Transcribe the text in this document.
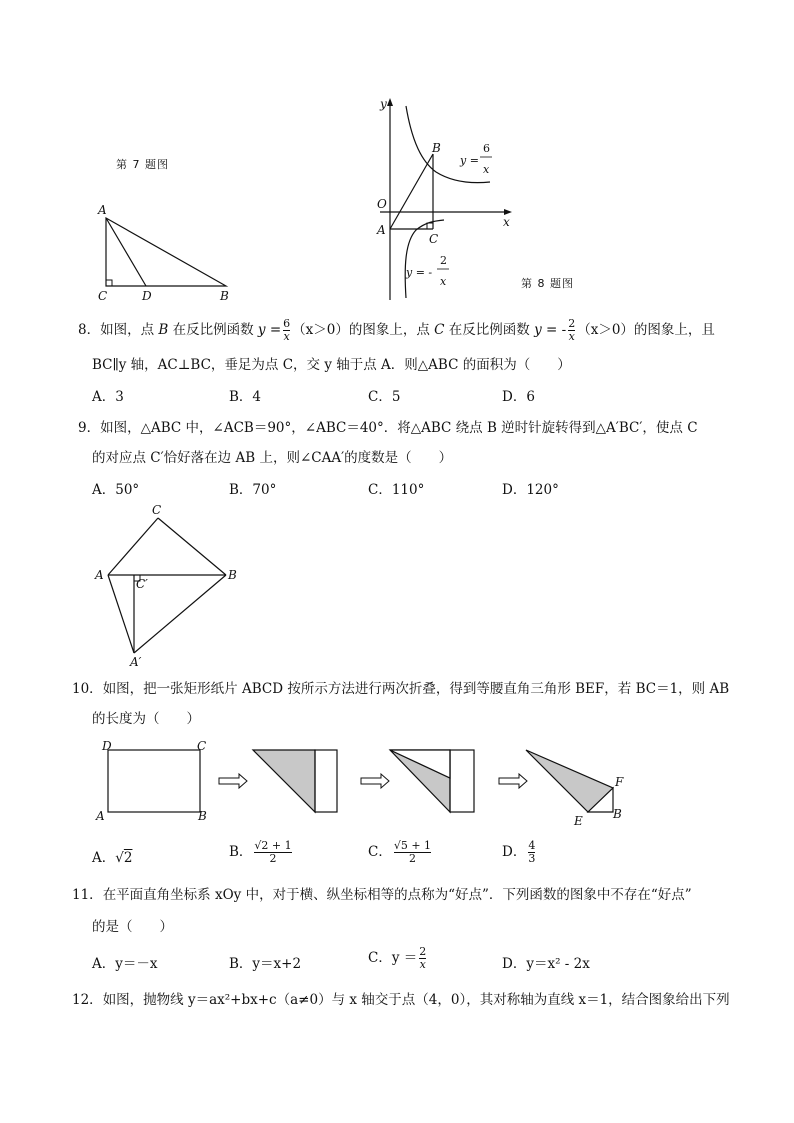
第 7 题图
A
C	D	B
y
x
O
A
B
C
y =
6
x
y = -
2
x	第 8 题图
8．如图，点 B 在反比例函数 $y = \frac{6}{x} (x>0)$的图象上，点 C 在反比例函数 y = - $\frac{2}{x} (x>0)$的图象上，且
BC∥y 轴，AC⊥BC，垂足为点 C，交 y 轴于点 A．则△ABC 的面积为（　　）
A．3	B．4	C．5	D．6
9．如图，△ABC 中，∠ACB＝90°，∠ABC＝40°．将△ABC 绕点 B 逆时针旋转得到△A′BC′，使点 C
的对应点 C′恰好落在边 AB 上，则∠CAA′的度数是（　　）
A．50°	B．70°	C．110°	D．120°
C
A	B
C′
A′
10．如图，把一张矩形纸片 ABCD 按所示方法进行两次折叠，得到等腰直角三角形 BEF，若 BC＝1，则 AB
的长度为（　　）
D	C
A	B
F
E	B
A．√2	B． $\frac{√2 + 1}{2}$	C． $\frac{√5 + 1}{2}$	D． $\frac{4}{3}$
11．在平面直角坐标系 xOy 中，对于横、纵坐标相等的点称为“好点”．下列函数的图象中不存在“好点”
的是（　　）
A．y＝－x	B．y＝x+2	C．$y = \frac{2}{x}$	D．y＝x² - 2x
12．如图，抛物线 y＝ax²+bx+c（a≠0）与 x 轴交于点（4，0），其对称轴为直线 x＝1，结合图象给出下列
